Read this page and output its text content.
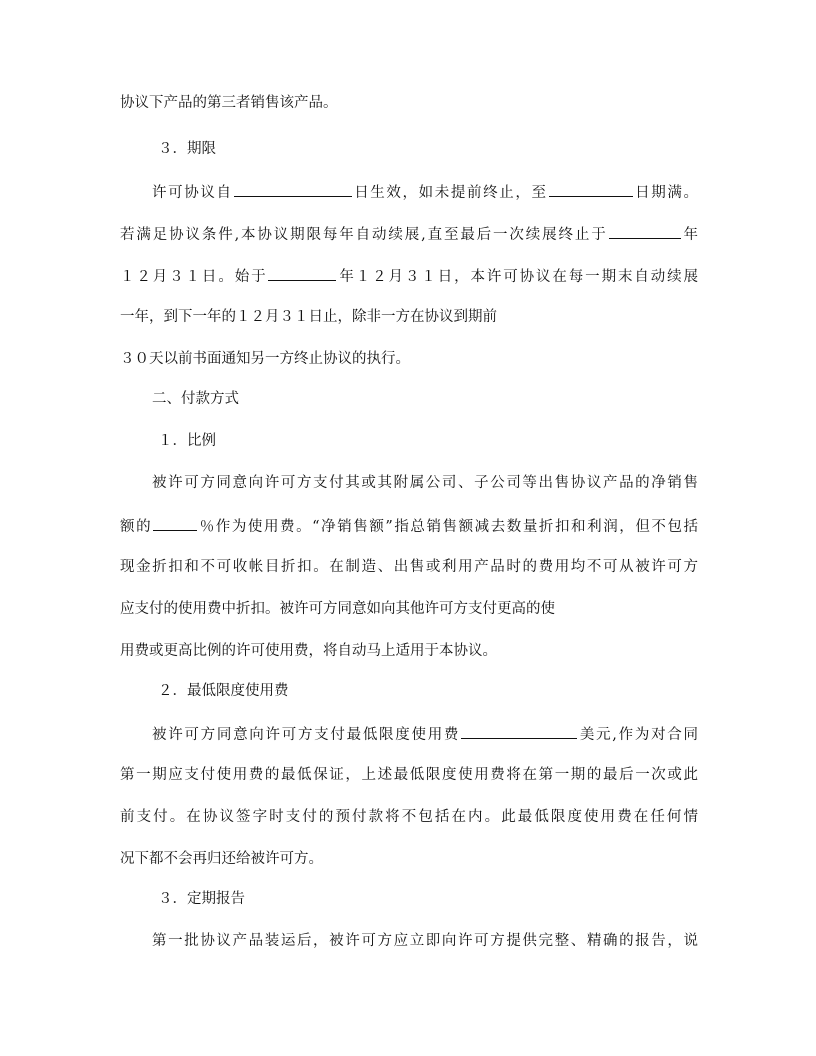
协议下产品的第三者销售该产品。
３．期限
许可协议自	日生效，如未提前终止，至	日期满。
若满足协议条件,本协议期限每年自动续展,直至最后一次续展终止于	年
１２月３１日。始于	年１２月３１日，本许可协议在每一期末自动续展
一年，到下一年的１２月３１日止，除非一方在协议到期前
３０天以前书面通知另一方终止协议的执行。
二、付款方式
１．比例
被许可方同意向许可方支付其或其附属公司、子公司等出售协议产品的净销售
额的	％作为使用费。“净销售额”指总销售额减去数量折扣和利润，但不包括
现金折扣和不可收帐目折扣。在制造、出售或利用产品时的费用均不可从被许可方
应支付的使用费中折扣。被许可方同意如向其他许可方支付更高的使
用费或更高比例的许可使用费，将自动马上适用于本协议。
２．最低限度使用费
被许可方同意向许可方支付最低限度使用费	美元,作为对合同
第一期应支付使用费的最低保证，上述最低限度使用费将在第一期的最后一次或此
前支付。在协议签字时支付的预付款将不包括在内。此最低限度使用费在任何情
况下都不会再归还给被许可方。
３．定期报告
第一批协议产品装运后，被许可方应立即向许可方提供完整、精确的报告，说
